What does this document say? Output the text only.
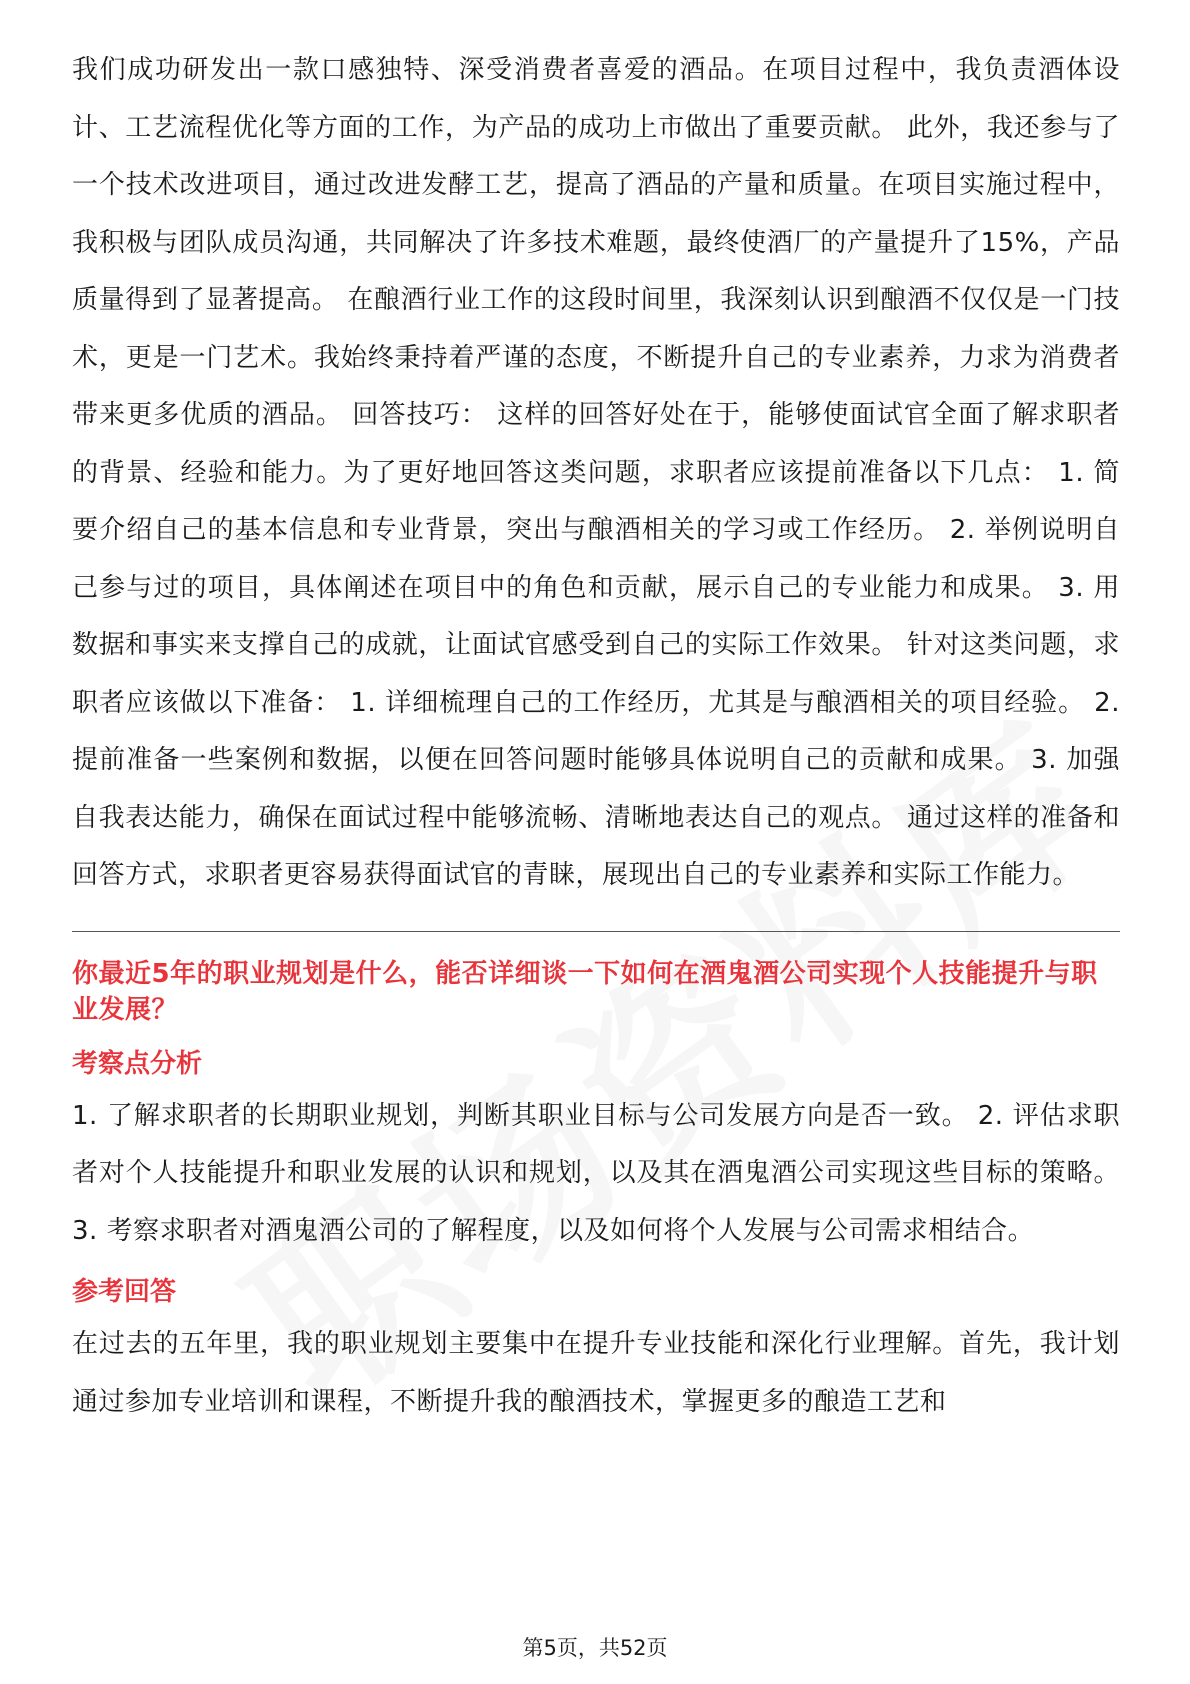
我们成功研发出一款口感独特、深受消费者喜爱的酒品。在项目过程中，我负责酒体设计、工艺流程优化等方面的工作，为产品的成功上市做出了重要贡献。 此外，我还参与了一个技术改进项目，通过改进发酵工艺，提高了酒品的产量和质量。在项目实施过程中，我积极与团队成员沟通，共同解决了许多技术难题，最终使酒厂的产量提升了15%，产品质量得到了显著提高。 在酿酒行业工作的这段时间里，我深刻认识到酿酒不仅仅是一门技术，更是一门艺术。我始终秉持着严谨的态度，不断提升自己的专业素养，力求为消费者带来更多优质的酒品。 回答技巧： 这样的回答好处在于，能够使面试官全面了解求职者的背景、经验和能力。为了更好地回答这类问题，求职者应该提前准备以下几点： 1. 简要介绍自己的基本信息和专业背景，突出与酿酒相关的学习或工作经历。 2. 举例说明自己参与过的项目，具体阐述在项目中的角色和贡献，展示自己的专业能力和成果。 3. 用数据和事实来支撑自己的成就，让面试官感受到自己的实际工作效果。 针对这类问题，求职者应该做以下准备： 1. 详细梳理自己的工作经历，尤其是与酿酒相关的项目经验。 2. 提前准备一些案例和数据，以便在回答问题时能够具体说明自己的贡献和成果。 3. 加强自我表达能力，确保在面试过程中能够流畅、清晰地表达自己的观点。 通过这样的准备和回答方式，求职者更容易获得面试官的青睐，展现出自己的专业素养和实际工作能力。

你最近5年的职业规划是什么，能否详细谈一下如何在酒鬼酒公司实现个人技能提升与职业发展？

考察点分析

1. 了解求职者的长期职业规划，判断其职业目标与公司发展方向是否一致。 2. 评估求职者对个人技能提升和职业发展的认识和规划，以及其在酒鬼酒公司实现这些目标的策略。 3. 考察求职者对酒鬼酒公司的了解程度，以及如何将个人发展与公司需求相结合。

参考回答

在过去的五年里，我的职业规划主要集中在提升专业技能和深化行业理解。首先，我计划通过参加专业培训和课程，不断提升我的酿酒技术，掌握更多的酿造工艺和

第5页，共52页
